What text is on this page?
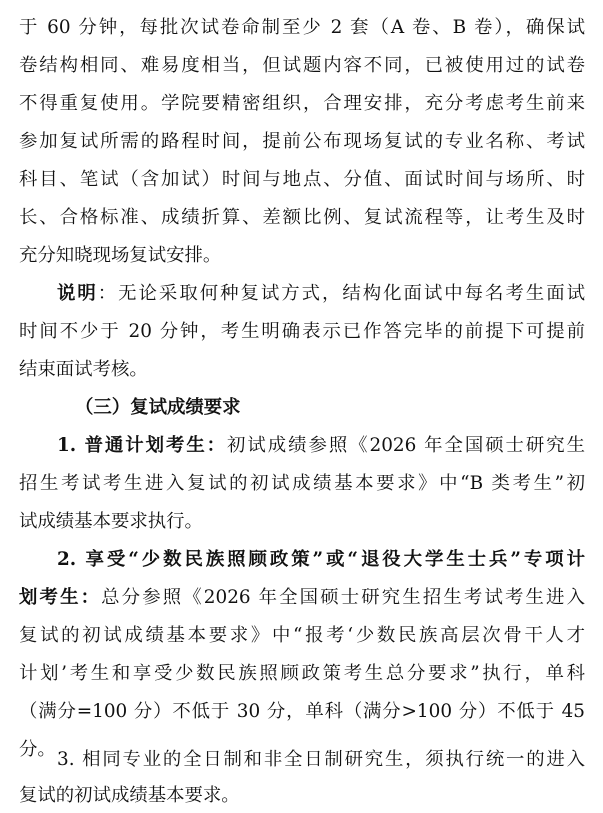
于 60 分钟，每批次试卷命制至少 2 套（A 卷、B 卷），确保试
卷结构相同、难易度相当，但试题内容不同，已被使用过的试卷
不得重复使用。学院要精密组织，合理安排，充分考虑考生前来
参加复试所需的路程时间，提前公布现场复试的专业名称、考试
科目、笔试（含加试）时间与地点、分值、面试时间与场所、时
长、合格标准、成绩折算、差额比例、复试流程等，让考生及时
充分知晓现场复试安排。
说明：无论采取何种复试方式，结构化面试中每名考生面试
时间不少于 20 分钟，考生明确表示已作答完毕的前提下可提前
结束面试考核。
（三）复试成绩要求
1. 普通计划考生：初试成绩参照《2026 年全国硕士研究生
招生考试考生进入复试的初试成绩基本要求》中“B 类考生”初
试成绩基本要求执行。
2. 享受“少数民族照顾政策”或“退役大学生士兵”专项计
划考生：总分参照《2026 年全国硕士研究生招生考试考生进入
复试的初试成绩基本要求》中“报考‘少数民族高层次骨干人才
计划’考生和享受少数民族照顾政策考生总分要求”执行，单科
（满分=100 分）不低于 30 分，单科（满分>100 分）不低于 45
分。 3. 相同专业的全日制和非全日制研究生，须执行统一的进入
复试的初试成绩基本要求。
